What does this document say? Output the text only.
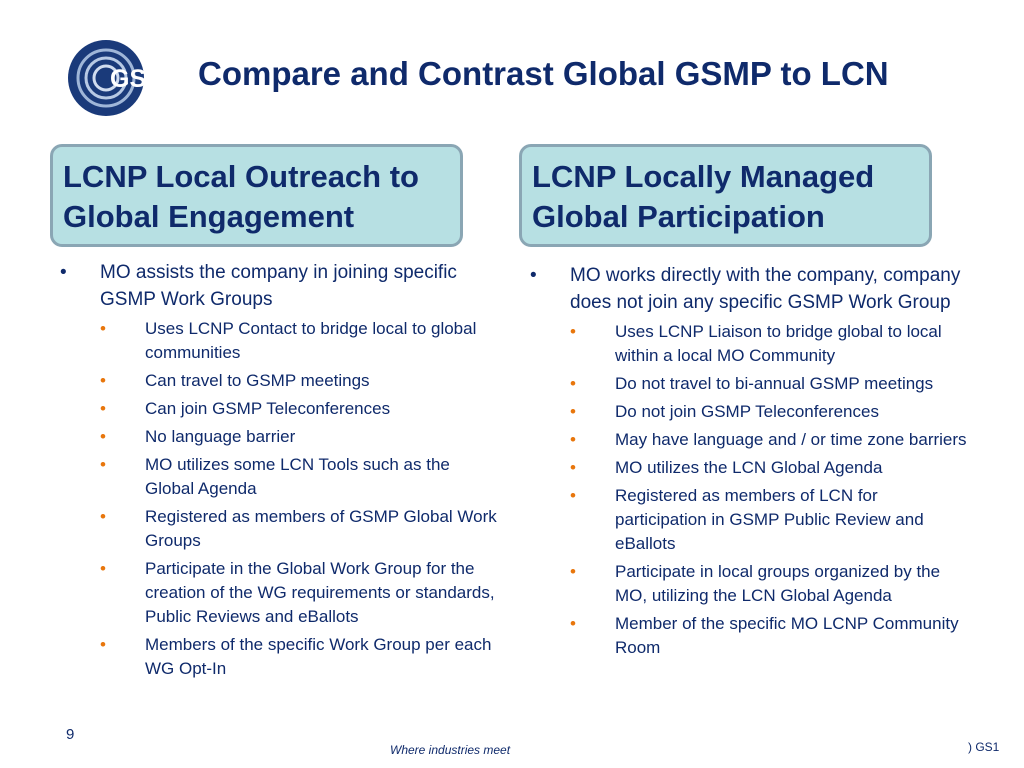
GS1 Compare and Contrast Global GSMP to LCN
LCNP Local Outreach to Global Engagement
LCNP Locally Managed Global Participation
• MO assists the company in joining specific GSMP Work Groups
• Uses LCNP Contact to bridge local to global communities
• Can travel to GSMP meetings
• Can join GSMP Teleconferences
• No language barrier
• MO utilizes some LCN Tools such as the Global Agenda
• Registered as members of GSMP Global Work Groups
• Participate in the Global Work Group for the creation of the WG requirements or standards, Public Reviews and eBallots
• Members of the specific Work Group per each WG Opt-In
• MO works directly with the company, company does not join any specific GSMP Work Group
• Uses LCNP Liaison to bridge global to local within a local MO Community
• Do not travel to bi-annual GSMP meetings
• Do not join GSMP Teleconferences
• May have language and / or time zone barriers
• MO utilizes the LCN Global Agenda
• Registered as members of LCN for participation in GSMP Public Review and eBallots
• Participate in local groups organized by the MO, utilizing the LCN Global Agenda
• Member of the specific MO LCNP Community Room
9
Where industries meet	) GS1
